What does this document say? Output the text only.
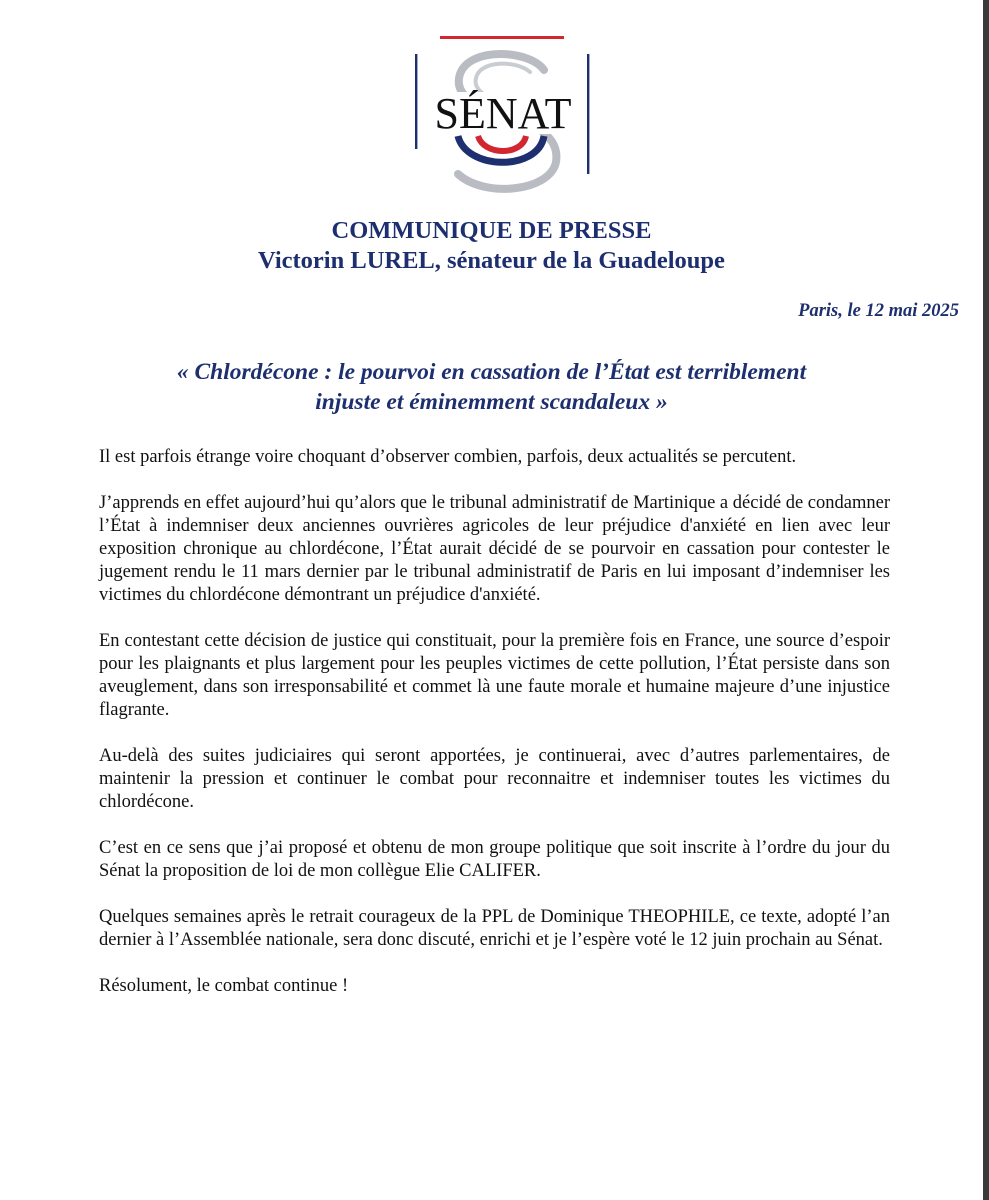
SÉNAT
COMMUNIQUE DE PRESSE
Victorin LUREL, sénateur de la Guadeloupe
Paris, le 12 mai 2025
« Chlordécone : le pourvoi en cassation de l’État est terriblement
injuste et éminemment scandaleux »

Il est parfois étrange voire choquant d’observer combien, parfois, deux actualités se percutent.

J’apprends en effet aujourd’hui qu’alors que le tribunal administratif de Martinique a décidé de condamner l’État à indemniser deux anciennes ouvrières agricoles de leur préjudice d'anxiété en lien avec leur exposition chronique au chlordécone, l’État aurait décidé de se pourvoir en cassation pour contester le jugement rendu le 11 mars dernier par le tribunal administratif de Paris en lui imposant d’indemniser les victimes du chlordécone démontrant un préjudice d'anxiété.

En contestant cette décision de justice qui constituait, pour la première fois en France, une source d’espoir pour les plaignants et plus largement pour les peuples victimes de cette pollution, l’État persiste dans son aveuglement, dans son irresponsabilité et commet là une faute morale et humaine majeure d’une injustice flagrante.

Au-delà des suites judiciaires qui seront apportées, je continuerai, avec d’autres parlementaires, de maintenir la pression et continuer le combat pour reconnaitre et indemniser toutes les victimes du chlordécone.

C’est en ce sens que j’ai proposé et obtenu de mon groupe politique que soit inscrite à l’ordre du jour du Sénat la proposition de loi de mon collègue Elie CALIFER.

Quelques semaines après le retrait courageux de la PPL de Dominique THEOPHILE, ce texte, adopté l’an dernier à l’Assemblée nationale, sera donc discuté, enrichi et je l’espère voté le 12 juin prochain au Sénat.

Résolument, le combat continue !
